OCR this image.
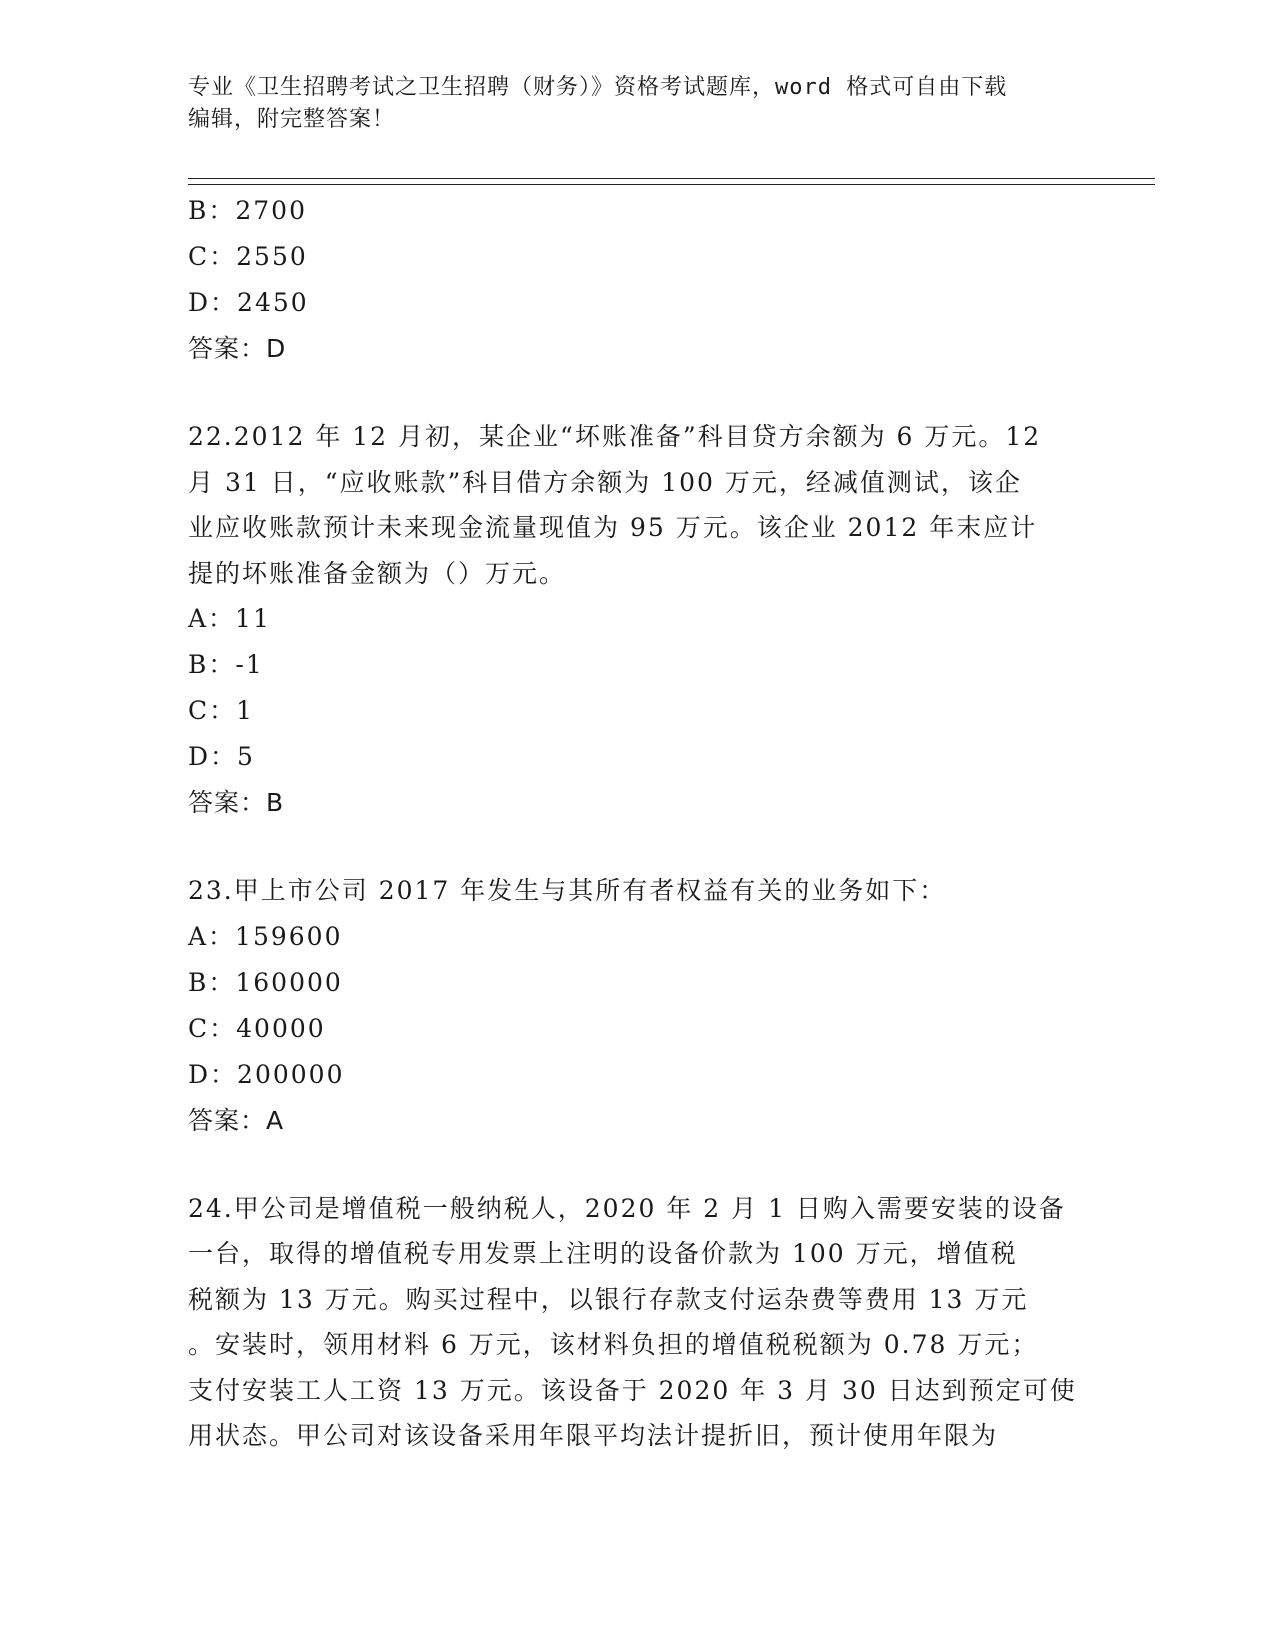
专业《卫生招聘考试之卫生招聘（财务）》资格考试题库，word 格式可自由下载
编辑，附完整答案！
B：2700
C：2550
D：2450
答案：D
22.2012 年 12 月初，某企业“坏账准备”科目贷方余额为 6 万元。12
月 31 日，“应收账款”科目借方余额为 100 万元，经减值测试，该企
业应收账款预计未来现金流量现值为 95 万元。该企业 2012 年末应计
提的坏账准备金额为（）万元。
A：11
B：-1
C：1
D：5
答案：B
23.甲上市公司 2017 年发生与其所有者权益有关的业务如下：
A：159600
B：160000
C：40000
D：200000
答案：A
24.甲公司是增值税一般纳税人，2020 年 2 月 1 日购入需要安装的设备
一台，取得的增值税专用发票上注明的设备价款为 100 万元，增值税
税额为 13 万元。购买过程中，以银行存款支付运杂费等费用 13 万元
。安装时，领用材料 6 万元，该材料负担的增值税税额为 0.78 万元；
支付安装工人工资 13 万元。该设备于 2020 年 3 月 30 日达到预定可使
用状态。甲公司对该设备采用年限平均法计提折旧，预计使用年限为
